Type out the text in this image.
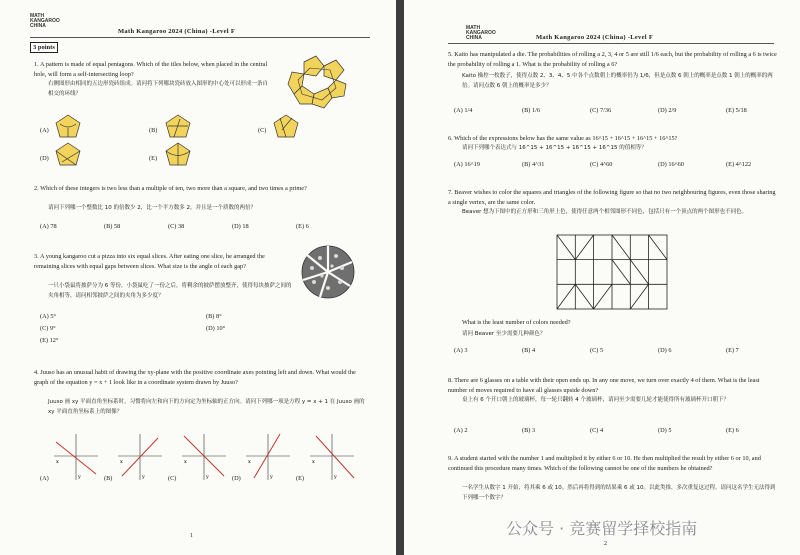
MATH KANGAROO CHINA
Math Kangaroo 2024 (China) -Level F
3 points
1. A pattern is made of equal pentagons. Which of the tiles below, when placed in the central hole, will form a self-intersecting loop?
右侧图形由相同的五边形瓷砖组成。请问将下列哪块瓷砖放入图形的中心处可以形成一条自相交的环线？
(A)	(B)	(C)
(D)	(E)
2. Which of these integers is two less than a multiple of ten, two more than a square, and two times a prime?
请问下列哪一个整数比 10 的倍数少 2，比一个平方数多 2，并且是一个质数的两倍？
(A) 78	(B) 58	(C) 38	(D) 18	(E) 6
3. A young kangaroo cut a pizza into six equal slices. After eating one slice, he arranged the remaining slices with equal gaps between slices. What size is the angle of each gap?
一只小袋鼠将披萨分为 6 等份，小袋鼠吃了一份之后，将剩余的披萨摆放整齐，使得每块披萨之间的夹角相等，请问相邻披萨之间的夹角为多少度？
(A) 5°	(B) 8°
(C) 9°	(D) 10°
(E) 12°
4. Juuso has an unusual habit of drawing the xy-plane with the positive coordinate axes pointing left and down. What would the graph of the equation y = x + 1 look like in a coordinate system drawn by Juuso?
Juuso 画 xy 平面直角坐标系时，习惯将向左和向下的方向定为坐标轴的正方向。请问下列哪一项是方程 y = x + 1 在 Juuso 画的 xy 平面直角坐标系上的图像？
(A)	(B)	(C)	(D)	(E)
x
y
x
y
x
y
x
y
x
y
1
MATH KANGAROO CHINA	Math Kangaroo 2024 (China) -Level F
5. Kaito has manipulated a die. The probabilities of rolling a 2, 3, 4 or 5 are still 1/6 each, but the probability of rolling a 6 is twice the probability of rolling a 1. What is the probability of rolling a 6?
Kaito 操控一枚骰子，使得点数 2、3、4、5 中各个点数朝上的概率仍为 1/6，但是点数 6 朝上的概率是点数 1 朝上的概率的两倍。请问点数 6 朝上的概率是多少？
(A) 1/4	(B) 1/6	(C) 7/36	(D) 2/9	(E) 5/18
6. Which of the expressions below has the same value as 16^15 + 16^15 + 16^15 + 16^15?
请问下列哪个表达式与 16^15 + 16^15 + 16^15 + 16^15 的值相等？
(A) 16^19	(B) 4^31	(C) 4^60	(D) 16^60	(E) 4^122
7. Beaver wishes to color the squares and triangles of the following figure so that no two neighbouring figures, even those sharing a single vertex, are the same color.
Beaver 想为下图中的正方形和三角形上色，使得任意两个相邻图形不同色，包括只有一个顶点的两个图形也不同色。
What is the least number of colors needed?
请问 Beaver 至少需要几种颜色？
(A) 3	(B) 4	(C) 5	(D) 6	(E) 7
8. There are 6 glasses on a table with their open ends up. In any one move, we turn over exactly 4 of them. What is the least number of moves required to have all glasses upside down?
桌上有 6 个开口朝上的玻璃杯，每一轮只翻转 4 个玻璃杯，请问至少需要几轮才能使得所有玻璃杯开口朝下？
(A) 2	(B) 3	(C) 4	(D) 5	(E) 6
9. A student started with the number 1 and multiplied it by either 6 or 10. He then multiplied the result by either 6 or 10, and continued this procedure many times. Which of the following cannot be one of the numbers he obtained?
一名学生从数字 1 开始，将其乘 6 或 10。然后再将得到的结果乘 6 或 10。以此类推，多次重复这过程。请问这名学生无法得到下列哪一个数字？
2
公众号 · 竞赛留学择校指南
